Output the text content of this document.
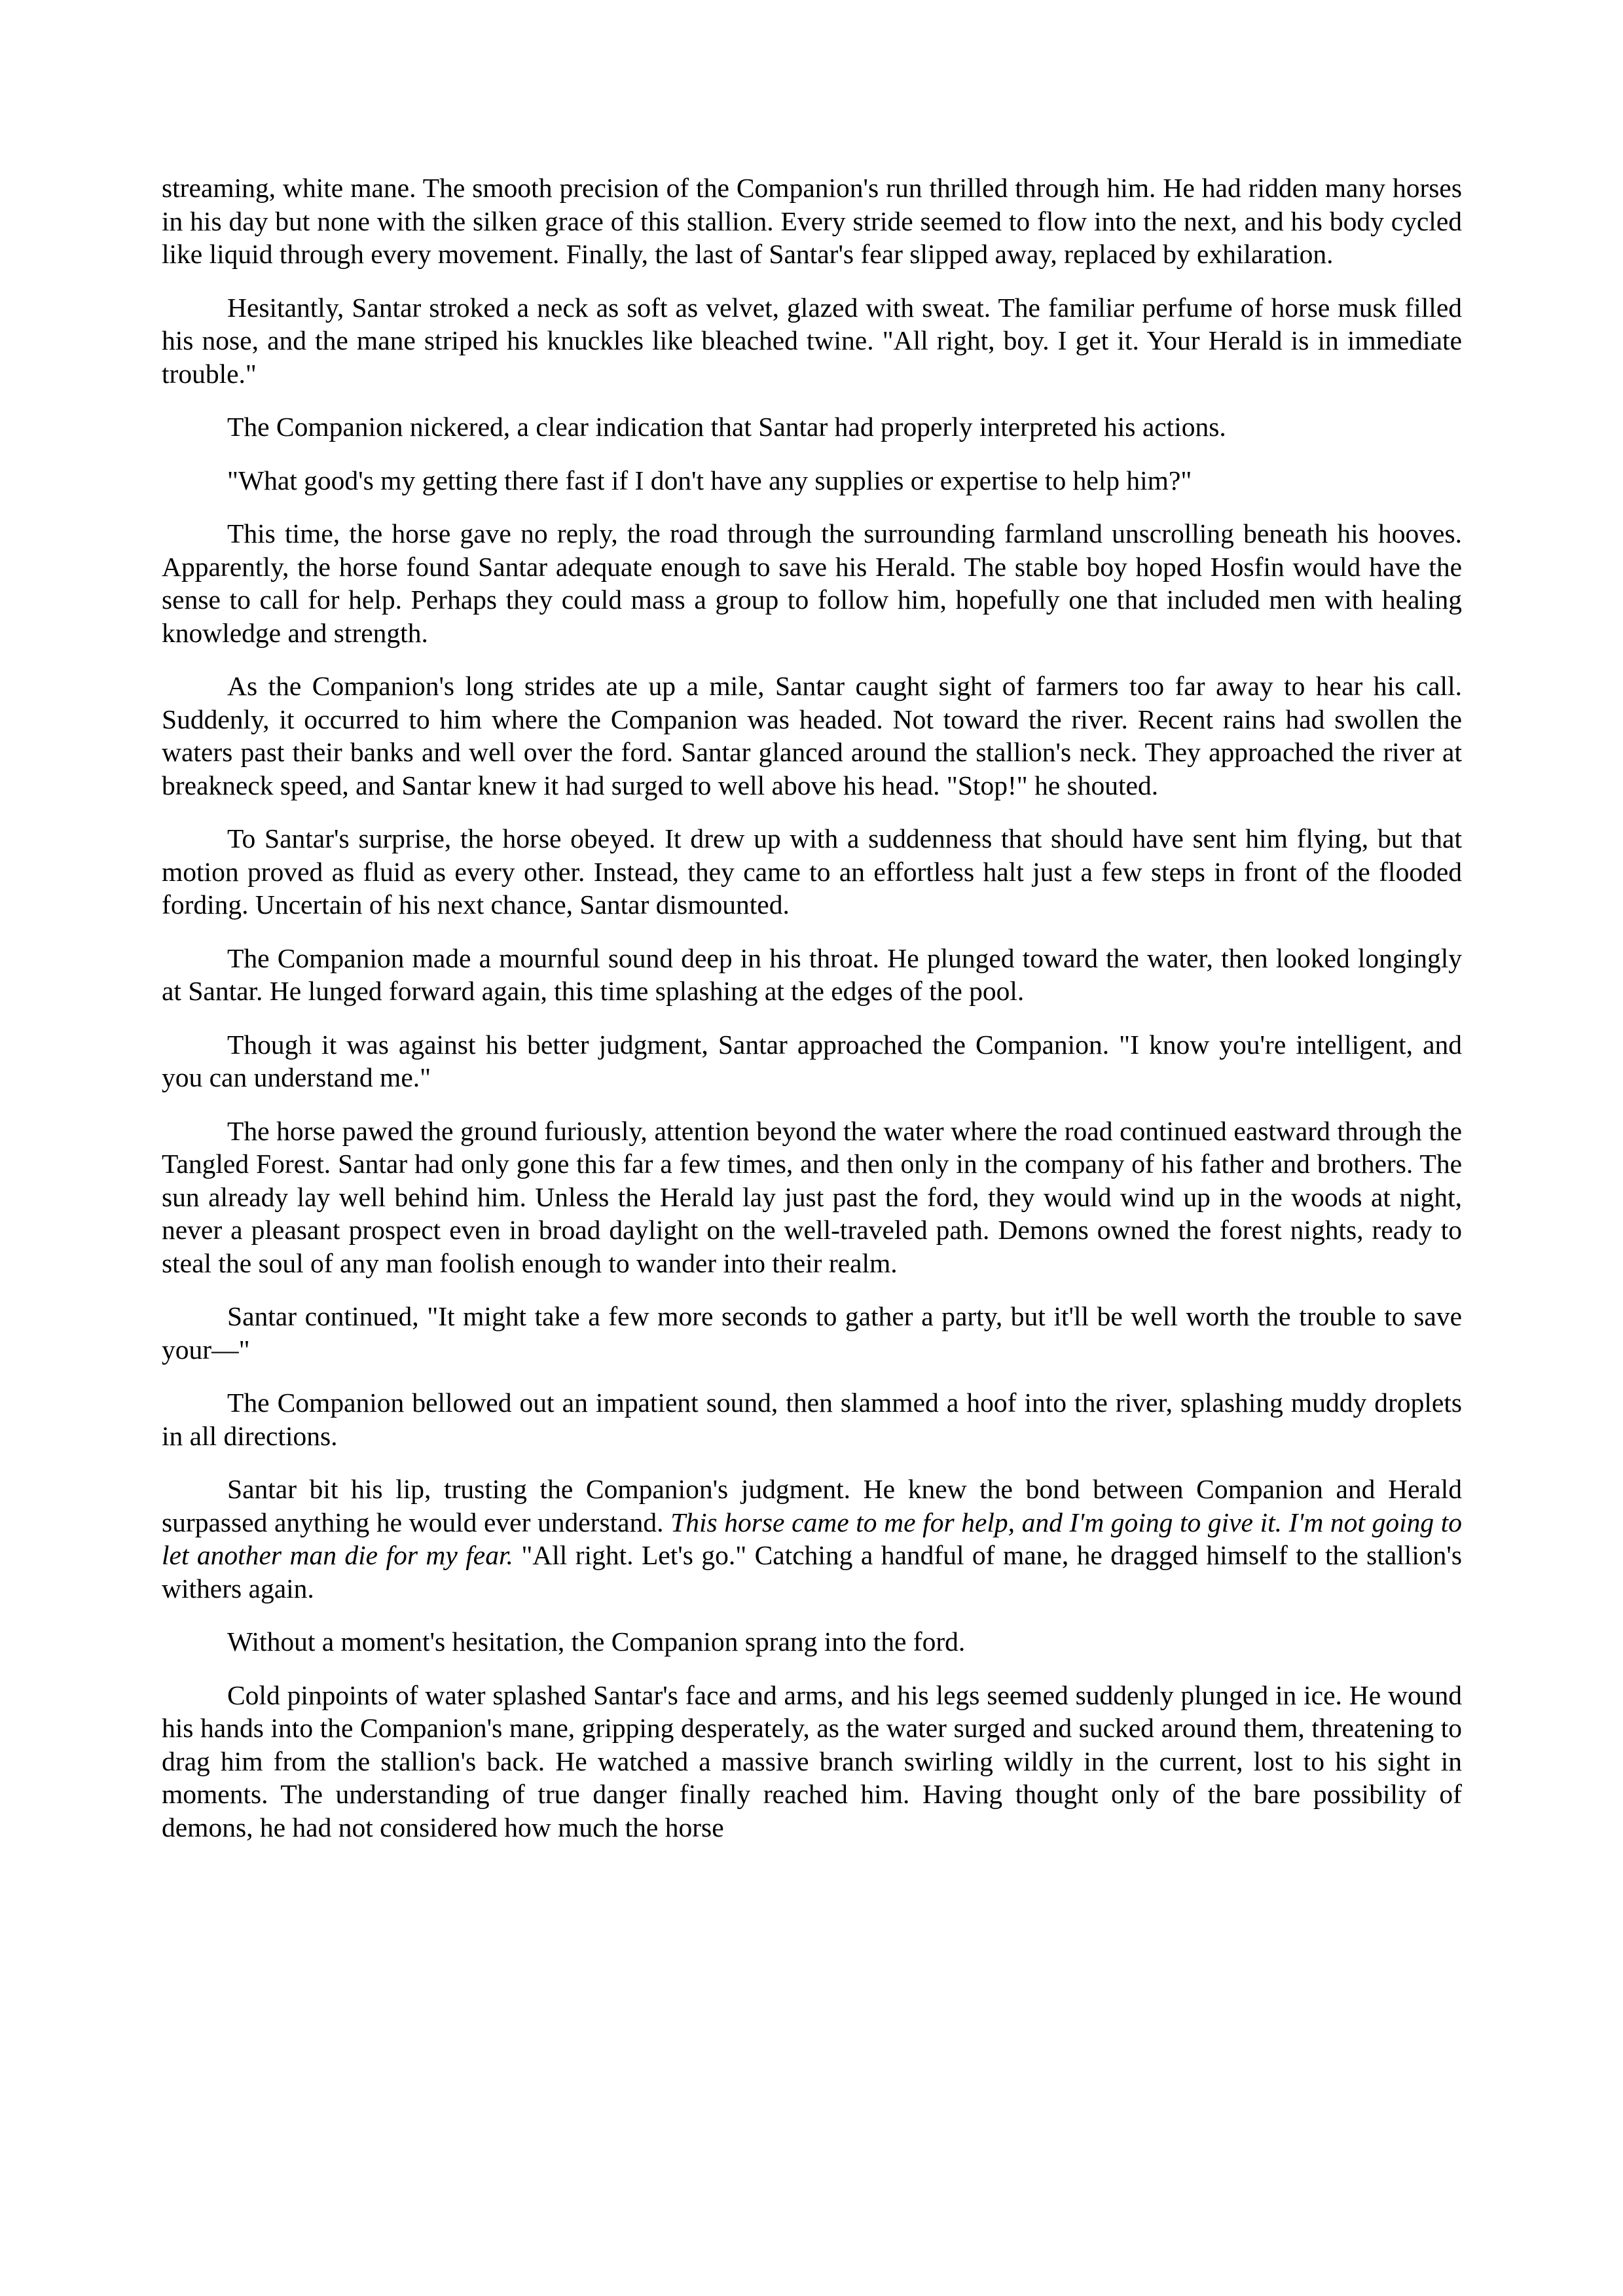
streaming, white mane. The smooth precision of the Companion's run thrilled through him. He had ridden many horses in his day but none with the silken grace of this stallion. Every stride seemed to flow into the next, and his body cycled like liquid through every movement. Finally, the last of Santar's fear slipped away, replaced by exhilaration.

Hesitantly, Santar stroked a neck as soft as velvet, glazed with sweat. The familiar perfume of horse musk filled his nose, and the mane striped his knuckles like bleached twine. "All right, boy. I get it. Your Herald is in immediate trouble."

The Companion nickered, a clear indication that Santar had properly interpreted his actions.

"What good's my getting there fast if I don't have any supplies or expertise to help him?"

This time, the horse gave no reply, the road through the surrounding farmland unscrolling beneath his hooves. Apparently, the horse found Santar adequate enough to save his Herald. The stable boy hoped Hosfin would have the sense to call for help. Perhaps they could mass a group to follow him, hopefully one that included men with healing knowledge and strength.

As the Companion's long strides ate up a mile, Santar caught sight of farmers too far away to hear his call. Suddenly, it occurred to him where the Companion was headed. Not toward the river. Recent rains had swollen the waters past their banks and well over the ford. Santar glanced around the stallion's neck. They approached the river at breakneck speed, and Santar knew it had surged to well above his head. "Stop!" he shouted.

To Santar's surprise, the horse obeyed. It drew up with a suddenness that should have sent him flying, but that motion proved as fluid as every other. Instead, they came to an effortless halt just a few steps in front of the flooded fording. Uncertain of his next chance, Santar dismounted.

The Companion made a mournful sound deep in his throat. He plunged toward the water, then looked longingly at Santar. He lunged forward again, this time splashing at the edges of the pool.

Though it was against his better judgment, Santar approached the Companion. "I know you're intelligent, and you can understand me."

The horse pawed the ground furiously, attention beyond the water where the road continued eastward through the Tangled Forest. Santar had only gone this far a few times, and then only in the company of his father and brothers. The sun already lay well behind him. Unless the Herald lay just past the ford, they would wind up in the woods at night, never a pleasant prospect even in broad daylight on the well-traveled path. Demons owned the forest nights, ready to steal the soul of any man foolish enough to wander into their realm.

Santar continued, "It might take a few more seconds to gather a party, but it'll be well worth the trouble to save your—"

The Companion bellowed out an impatient sound, then slammed a hoof into the river, splashing muddy droplets in all directions.

Santar bit his lip, trusting the Companion's judgment. He knew the bond between Companion and Herald surpassed anything he would ever understand. This horse came to me for help, and I'm going to give it. I'm not going to let another man die for my fear. "All right. Let's go." Catching a handful of mane, he dragged himself to the stallion's withers again.

Without a moment's hesitation, the Companion sprang into the ford.

Cold pinpoints of water splashed Santar's face and arms, and his legs seemed suddenly plunged in ice. He wound his hands into the Companion's mane, gripping desperately, as the water surged and sucked around them, threatening to drag him from the stallion's back. He watched a massive branch swirling wildly in the current, lost to his sight in moments. The understanding of true danger finally reached him. Having thought only of the bare possibility of demons, he had not considered how much the horse
